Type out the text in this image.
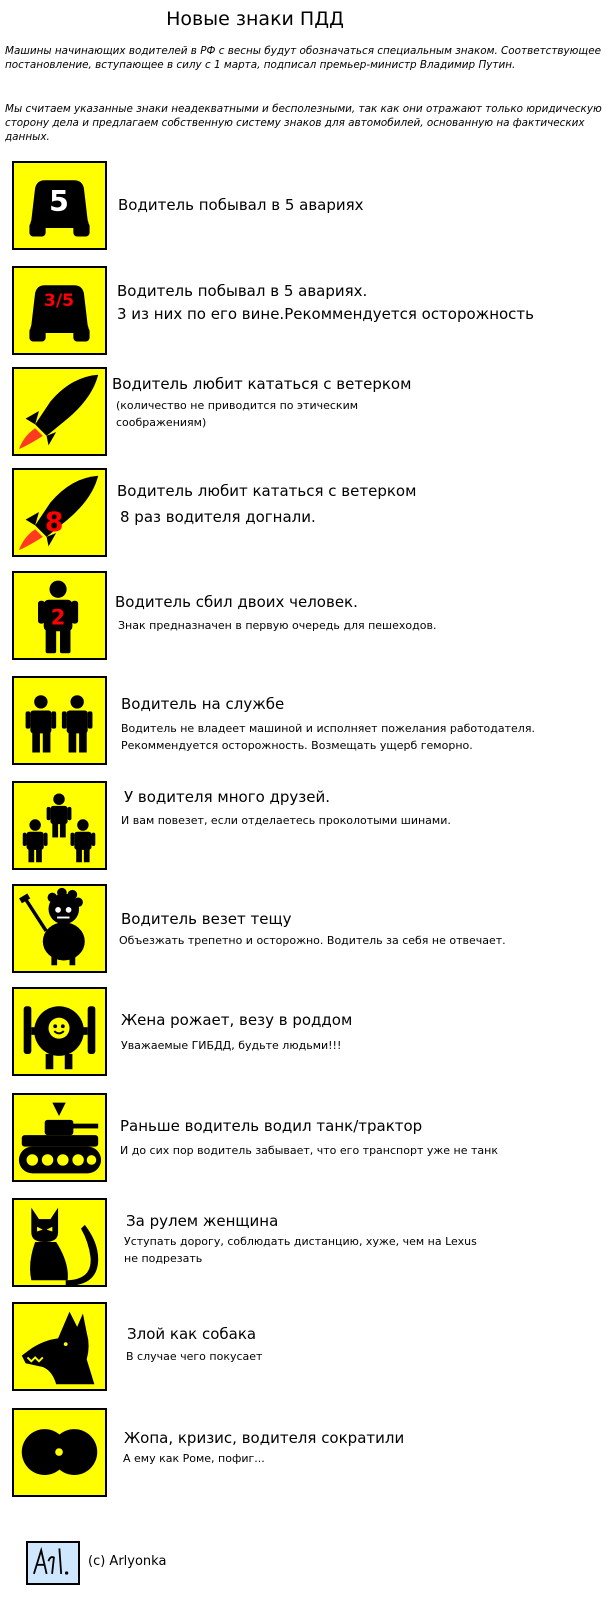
Новые знаки ПДД
Машины начинающих водителей в РФ с весны будут обозначаться специальным знаком. Соответствующее постановление, вступающее в силу с 1 марта, подписал премьер-министр Владимир Путин.
Мы считаем указанные знаки неадекватными и бесполезными, так как они отражают только юридическую сторону дела и предлагаем собственную систему знаков для автомобилей, основанную на фактических данных.
5	Водитель побывал в 5 авариях
3/5
Водитель побывал в 5 авариях.
3 из них по его вине.Рекоммендуется осторожность
Водитель любит кататься с ветерком
(количество не приводится по этическим соображениям)
8
Водитель любит кататься с ветерком
8 раз водителя догнали.
2
Водитель сбил двоих человек.
Знак предназначен в первую очередь для пешеходов.
Водитель на службе
Водитель не владеет машиной и исполняет пожелания работодателя. Рекоммендуется осторожность. Возмещать ущерб геморно.
У водителя много друзей.
И вам повезет, если отделаетесь проколотыми шинами.
Водитель везет тещу
Объезжать трепетно и осторожно. Водитель за себя не отвечает.
Жена рожает, везу в роддом
Уважаемые ГИБДД, будьте людьми!!!
Раньше водитель водил танк/трактор
И до сих пор водитель забывает, что его транспорт уже не танк
За рулем женщина
Уступать дорогу, соблюдать дистанцию, хуже, чем на Lexus не подрезать
Злой как собака
В случае чего покусает
Жопа, кризис, водителя сократили
А ему как Роме, пофиг...
(c) Arlyonka
